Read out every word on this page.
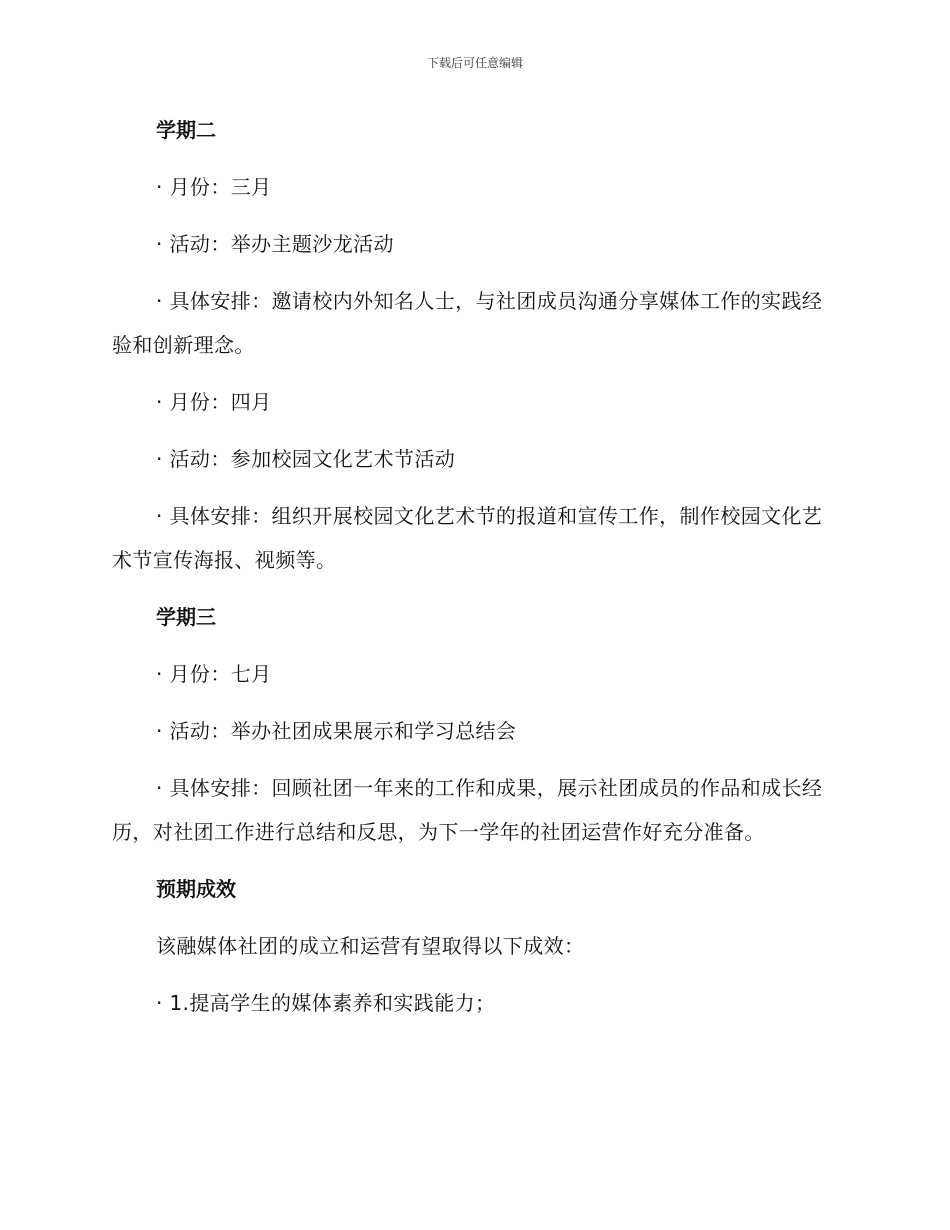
下载后可任意编辑
学期二
· 月份：三月
· 活动：举办主题沙龙活动
· 具体安排：邀请校内外知名人士，与社团成员沟通分享媒体工作的实践经验和创新理念。
· 月份：四月
· 活动：参加校园文化艺术节活动
· 具体安排：组织开展校园文化艺术节的报道和宣传工作，制作校园文化艺术节宣传海报、视频等。
学期三
· 月份：七月
· 活动：举办社团成果展示和学习总结会
· 具体安排：回顾社团一年来的工作和成果，展示社团成员的作品和成长经历，对社团工作进行总结和反思，为下一学年的社团运营作好充分准备。
预期成效
该融媒体社团的成立和运营有望取得以下成效：
· 1.提高学生的媒体素养和实践能力；
